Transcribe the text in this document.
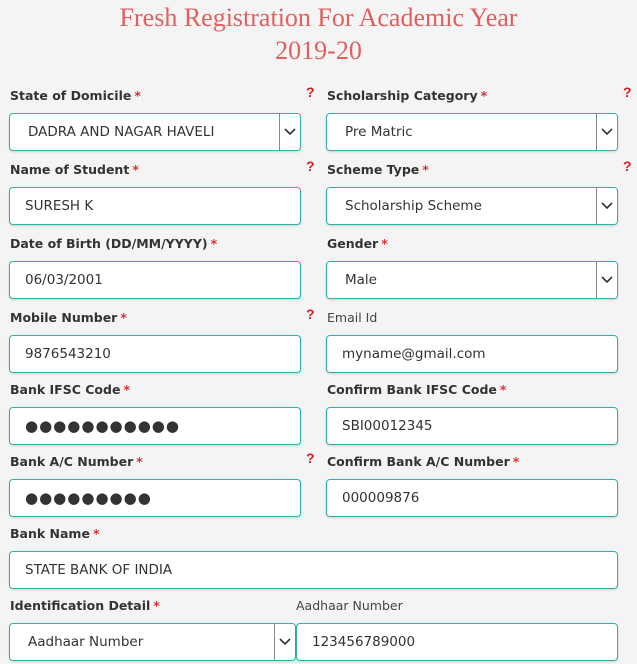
Fresh Registration For Academic Year
2019-20
State of Domicile *	?
DADRA AND NAGAR HAVELI
Scholarship Category *	?
Pre Matric
Name of Student *	?
SURESH K
Scheme Type *	?
Scholarship Scheme
Date of Birth (DD/MM/YYYY) *
06/03/2001
Gender *
Male
Mobile Number *	?
9876543210
Email Id
myname@gmail.com
Bank IFSC Code *
●●●●●●●●●●●
Confirm Bank IFSC Code *
SBI00012345
Bank A/C Number *	?
●●●●●●●●●
Confirm Bank A/C Number *
000009876
Bank Name *
STATE BANK OF INDIA
Identification Detail *
Aadhaar Number
Aadhaar Number
123456789000
